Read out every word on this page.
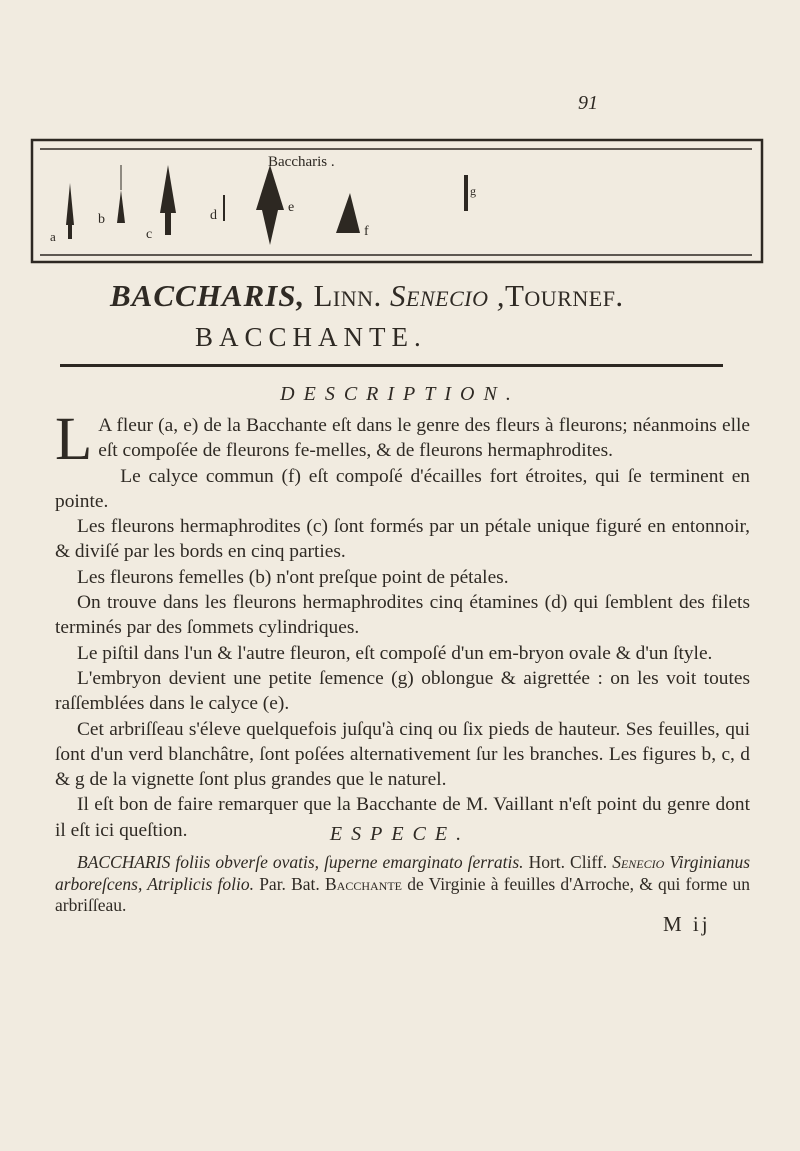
91
Baccharis .
a
b
c
d
e
f
g
BACCHARIS, Linn. Senecio ,Tournef.
BACCHANTE.
DESCRIPTION.

L A fleur (a, e) de la Bacchante eſt dans le genre des fleurs à fleurons; néanmoins elle eſt compoſée de fleurons fe-melles, & de fleurons hermaphrodites.

Le calyce commun (f) eſt compoſé d'écailles fort étroites, qui ſe terminent en pointe.

Les fleurons hermaphrodites (c) ſont formés par un pétale unique figuré en entonnoir, & diviſé par les bords en cinq parties.

Les fleurons femelles (b) n'ont preſque point de pétales.

On trouve dans les fleurons hermaphrodites cinq étamines (d) qui ſemblent des filets terminés par des ſommets cylindriques.

Le piſtil dans l'un & l'autre fleuron, eſt compoſé d'un em-bryon ovale & d'un ſtyle.

L'embryon devient une petite ſemence (g) oblongue & aigrettée : on les voit toutes raſſemblées dans le calyce (e).

Cet arbriſſeau s'éleve quelquefois juſqu'à cinq ou ſix pieds de hauteur. Ses feuilles, qui ſont d'un verd blanchâtre, ſont poſées alternativement ſur les branches. Les figures b, c, d & g de la vignette ſont plus grandes que le naturel.

Il eſt bon de faire remarquer que la Bacchante de M. Vaillant n'eſt point du genre dont il eſt ici queſtion.	ESPECE.

BACCHARIS foliis obverſe ovatis, ſuperne emarginato ſerratis. Hort. Cliff. Senecio Virginianus arboreſcens, Atriplicis folio. Par. Bat. Bacchante de Virginie à feuilles d'Arroche, & qui forme un arbriſſeau.

M ij
